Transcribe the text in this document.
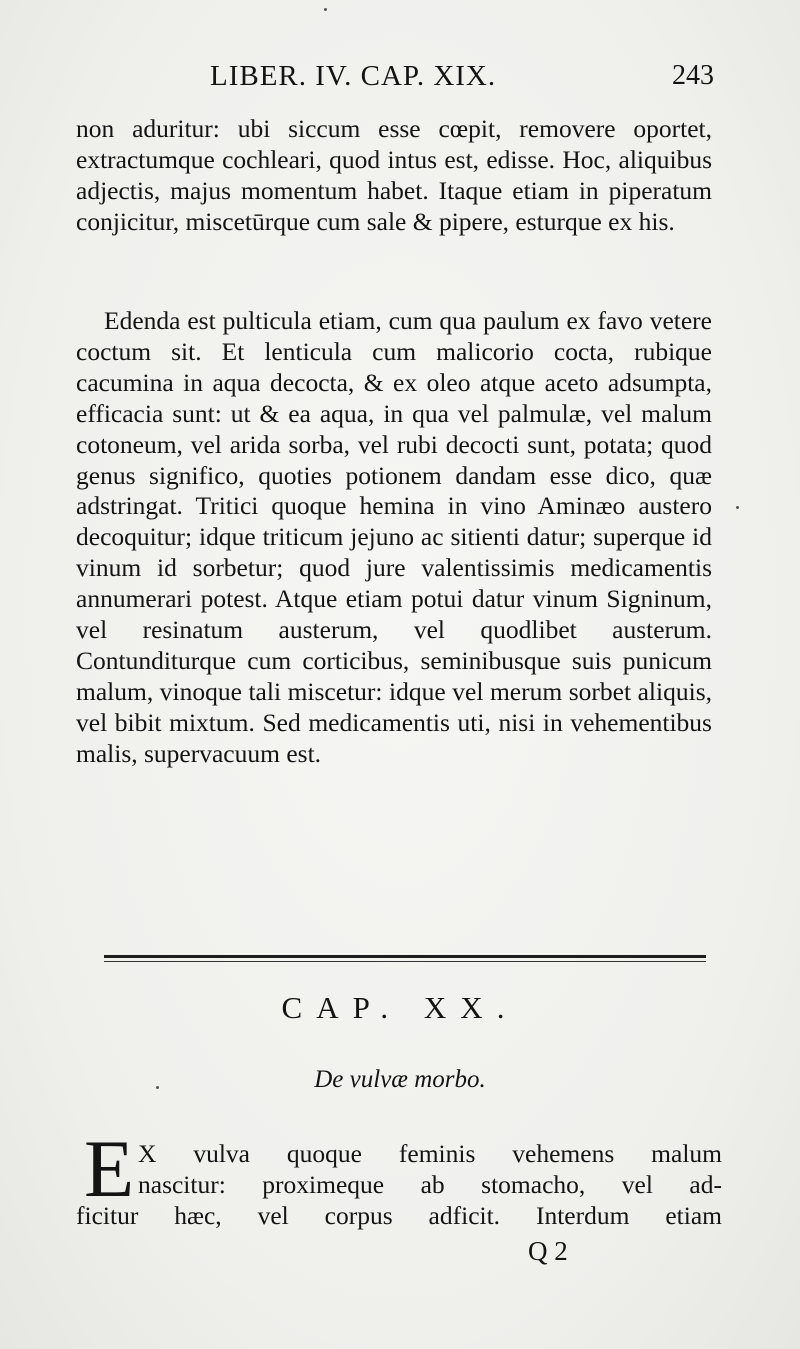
LIBER. IV. CAP. XIX.	243

non aduritur: ubi siccum esse cœpit, removere oportet, extractumque cochleari, quod intus est, edisse. Hoc, aliquibus adjectis, majus momentum habet. Itaque etiam in piperatum conjicitur, miscetūrque cum sale & pipere, esturque ex his.

Edenda est pulticula etiam, cum qua paulum ex favo vetere coctum sit. Et lenticula cum malicorio cocta, rubique cacumina in aqua decocta, & ex oleo atque aceto adsumpta, efficacia sunt: ut & ea aqua, in qua vel palmulæ, vel malum cotoneum, vel arida sorba, vel rubi decocti sunt, potata; quod genus significo, quoties potionem dandam esse dico, quæ adstringat. Tritici quoque hemina in vino Aminæo austero decoquitur; idque triticum jejuno ac sitienti datur; superque id vinum id sorbetur; quod jure valentissimis medicamentis annumerari potest. Atque etiam potui datur vinum Signinum, vel resinatum austerum, vel quodlibet austerum. Contunditurque cum corticibus, seminibusque suis punicum malum, vinoque tali miscetur: idque vel merum sorbet aliquis, vel bibit mixtum. Sed medicamentis uti, nisi in vehementibus malis, supervacuum est.

CAP. XX.
De vulvæ morbo.
E X vulva quoque feminis vehemens malum
nascitur: proximeque ab stomacho, vel ad-
ficitur hæc, vel corpus adficit. Interdum etiam
Q 2
